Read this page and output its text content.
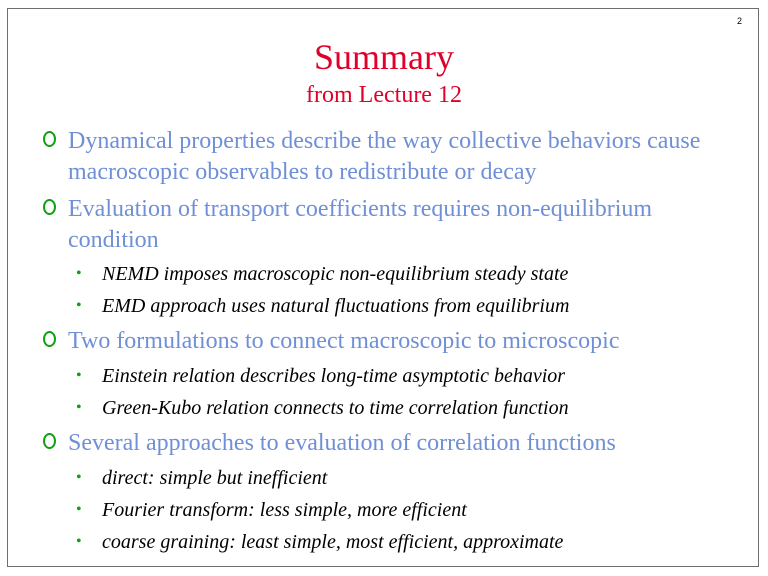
2
Summary
from Lecture 12
Dynamical properties describe the way collective behaviors cause macroscopic observables to redistribute or decay
Evaluation of transport coefficients requires non-equilibrium condition
• NEMD imposes macroscopic non-equilibrium steady state
• EMD approach uses natural fluctuations from equilibrium
Two formulations to connect macroscopic to microscopic
• Einstein relation describes long-time asymptotic behavior
• Green-Kubo relation connects to time correlation function
Several approaches to evaluation of correlation functions
• direct: simple but inefficient
• Fourier transform: less simple, more efficient
• coarse graining: least simple, most efficient, approximate
